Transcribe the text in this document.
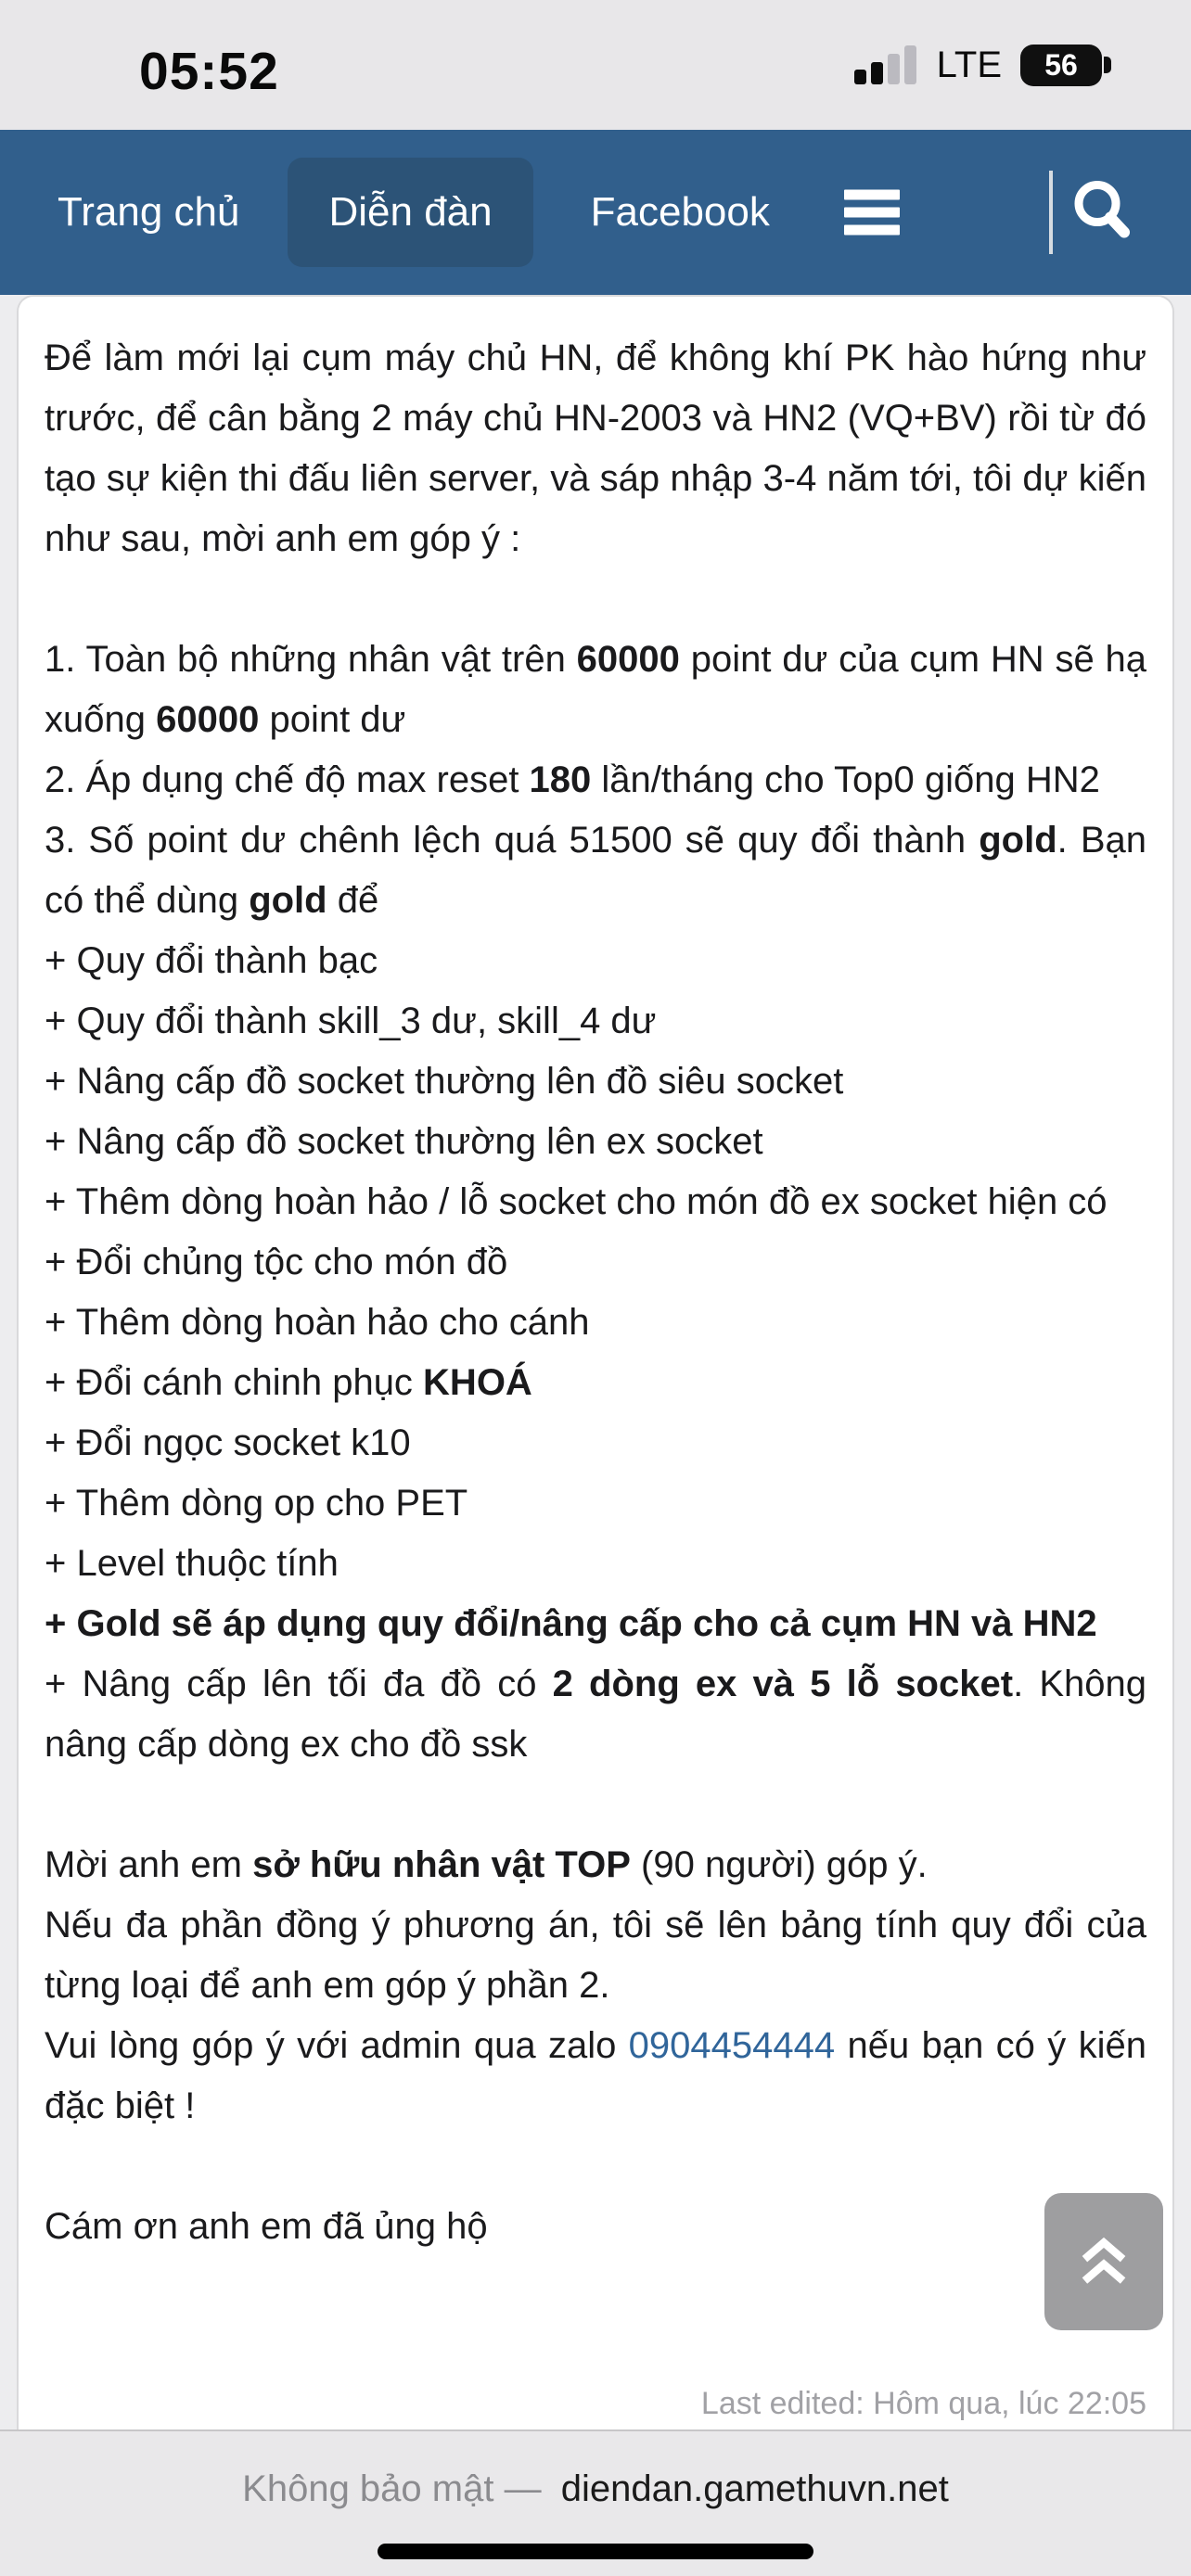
05:52	LTE 56
Trang chủ Diễn đàn Facebook

Để làm mới lại cụm máy chủ HN, để không khí PK hào hứng như trước, để cân bằng 2 máy chủ HN-2003 và HN2 (VQ+BV) rồi từ đó tạo sự kiện thi đấu liên server, và sáp nhập 3-4 năm tới, tôi dự kiến như sau, mời anh em góp ý :

1. Toàn bộ những nhân vật trên 60000 point dư của cụm HN sẽ hạ xuống 60000 point dư

2. Áp dụng chế độ max reset 180 lần/tháng cho Top0 giống HN2

3. Số point dư chênh lệch quá 51500 sẽ quy đổi thành gold. Bạn có thể dùng gold để

+ Quy đổi thành bạc

+ Quy đổi thành skill_3 dư, skill_4 dư

+ Nâng cấp đồ socket thường lên đồ siêu socket

+ Nâng cấp đồ socket thường lên ex socket

+ Thêm dòng hoàn hảo / lỗ socket cho món đồ ex socket hiện có

+ Đổi chủng tộc cho món đồ

+ Thêm dòng hoàn hảo cho cánh

+ Đổi cánh chinh phục KHOÁ

+ Đổi ngọc socket k10

+ Thêm dòng op cho PET

+ Level thuộc tính

+ Gold sẽ áp dụng quy đổi/nâng cấp cho cả cụm HN và HN2

+ Nâng cấp lên tối đa đồ có 2 dòng ex và 5 lỗ socket. Không nâng cấp dòng ex cho đồ ssk

Mời anh em sở hữu nhân vật TOP (90 người) góp ý.

Nếu đa phần đồng ý phương án, tôi sẽ lên bảng tính quy đổi của từng loại để anh em góp ý phần 2.

Vui lòng góp ý với admin qua zalo 0904454444 nếu bạn có ý kiến đặc biệt !

Cám ơn anh em đã ủng hộ

Last edited: Hôm qua, lúc 22:05
Không bảo mật — diendan.gamethuvn.net
